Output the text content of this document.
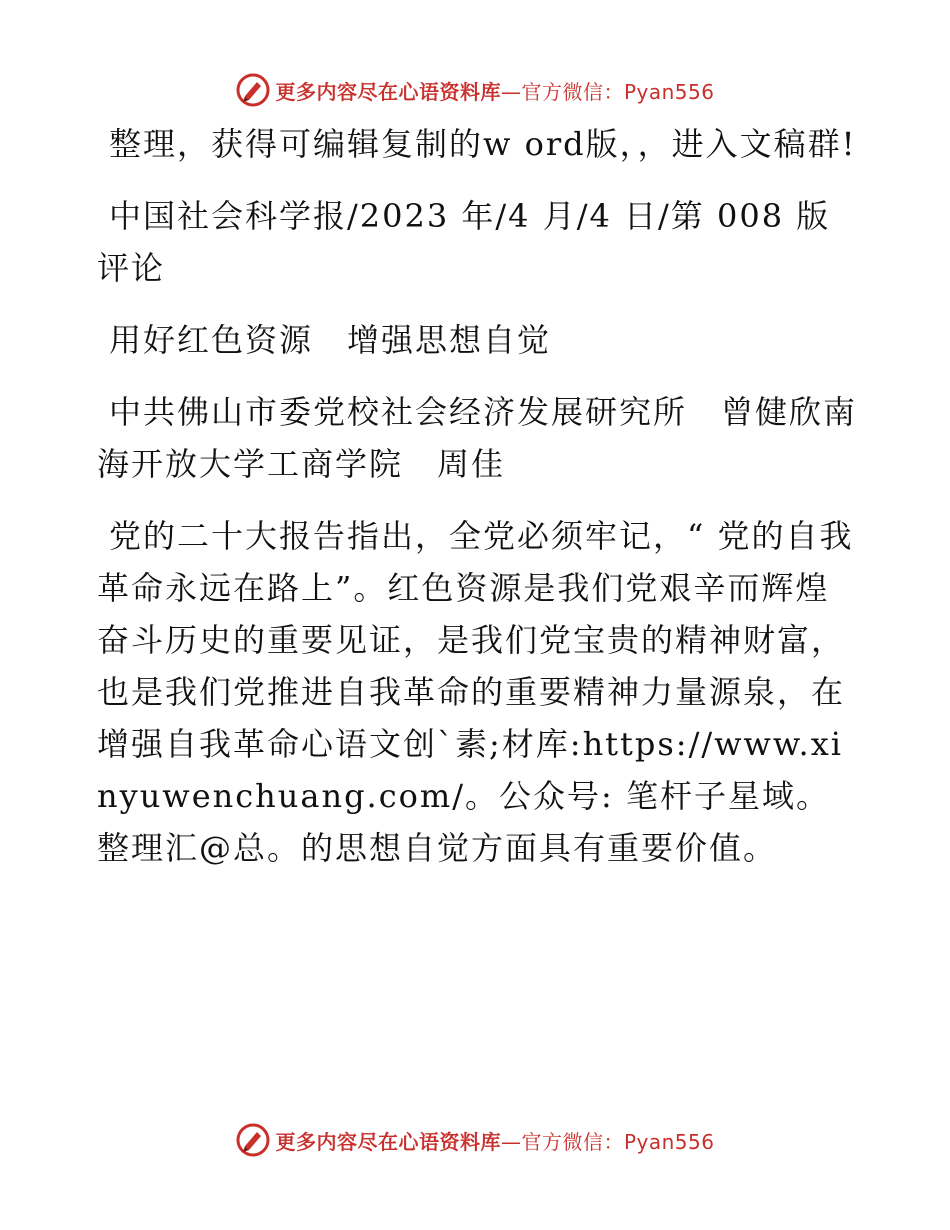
更多内容尽在心语资料库—官方微信：Pyan556

整理，获得可编辑复制的w ord版，，进入文稿群!

中国社会科学报/2023 年/4 月/4 日/第 008 版评论

用好红色资源　增强思想自觉

中共佛山市委党校社会经济发展研究所　曾健欣南海开放大学工商学院　周佳

党的二十大报告指出，全党必须牢记，“ 党的自我革命永远在路上”。红色资源是我们党艰辛而辉煌奋斗历史的重要见证，是我们党宝贵的精神财富，也是我们党推进自我革命的重要精神力量源泉，在增强自我革命心语文创`素;材库:https://www.xinyuwenchuang.com/。公众号: 笔杆子星域。整理汇@总。的思想自觉方面具有重要价值。

更多内容尽在心语资料库—官方微信：Pyan556
